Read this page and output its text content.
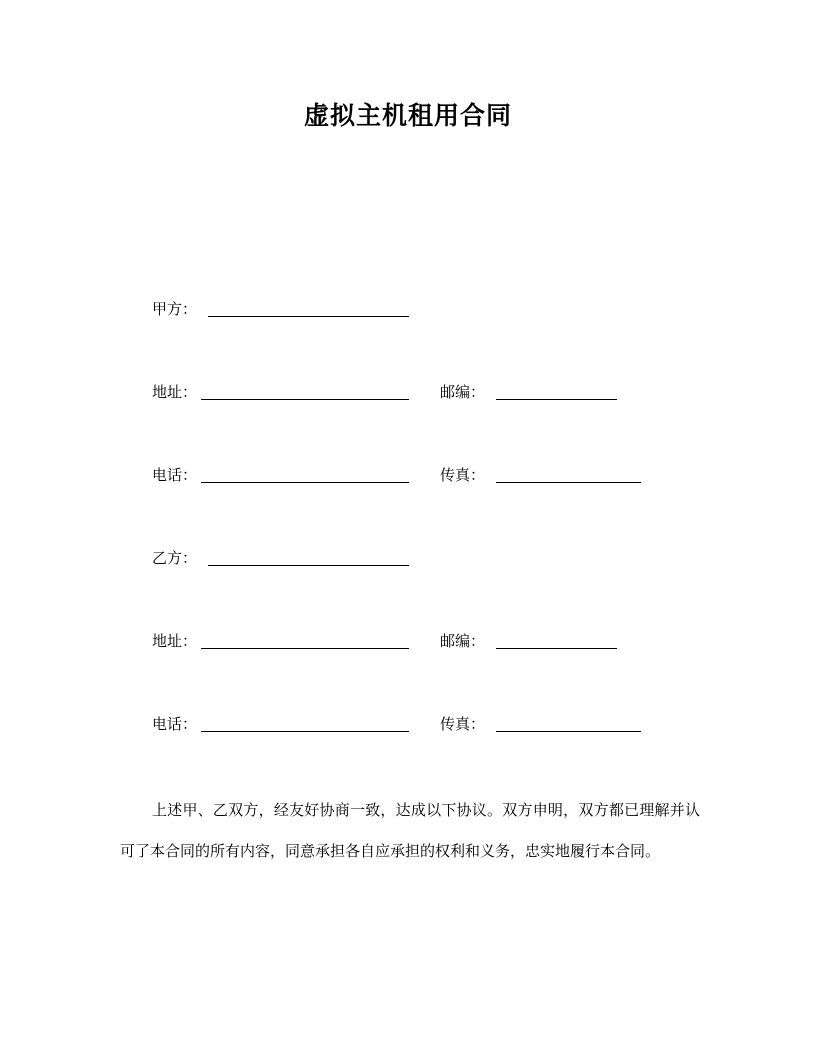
虚拟主机租用合同
甲方：
地址：	邮编：
电话：	传真：
乙方：
地址：	邮编：
电话：	传真：

上述甲、乙双方，经友好协商一致，达成以下协议。双方申明，双方都已理解并认可了本合同的所有内容，同意承担各自应承担的权利和义务，忠实地履行本合同。
